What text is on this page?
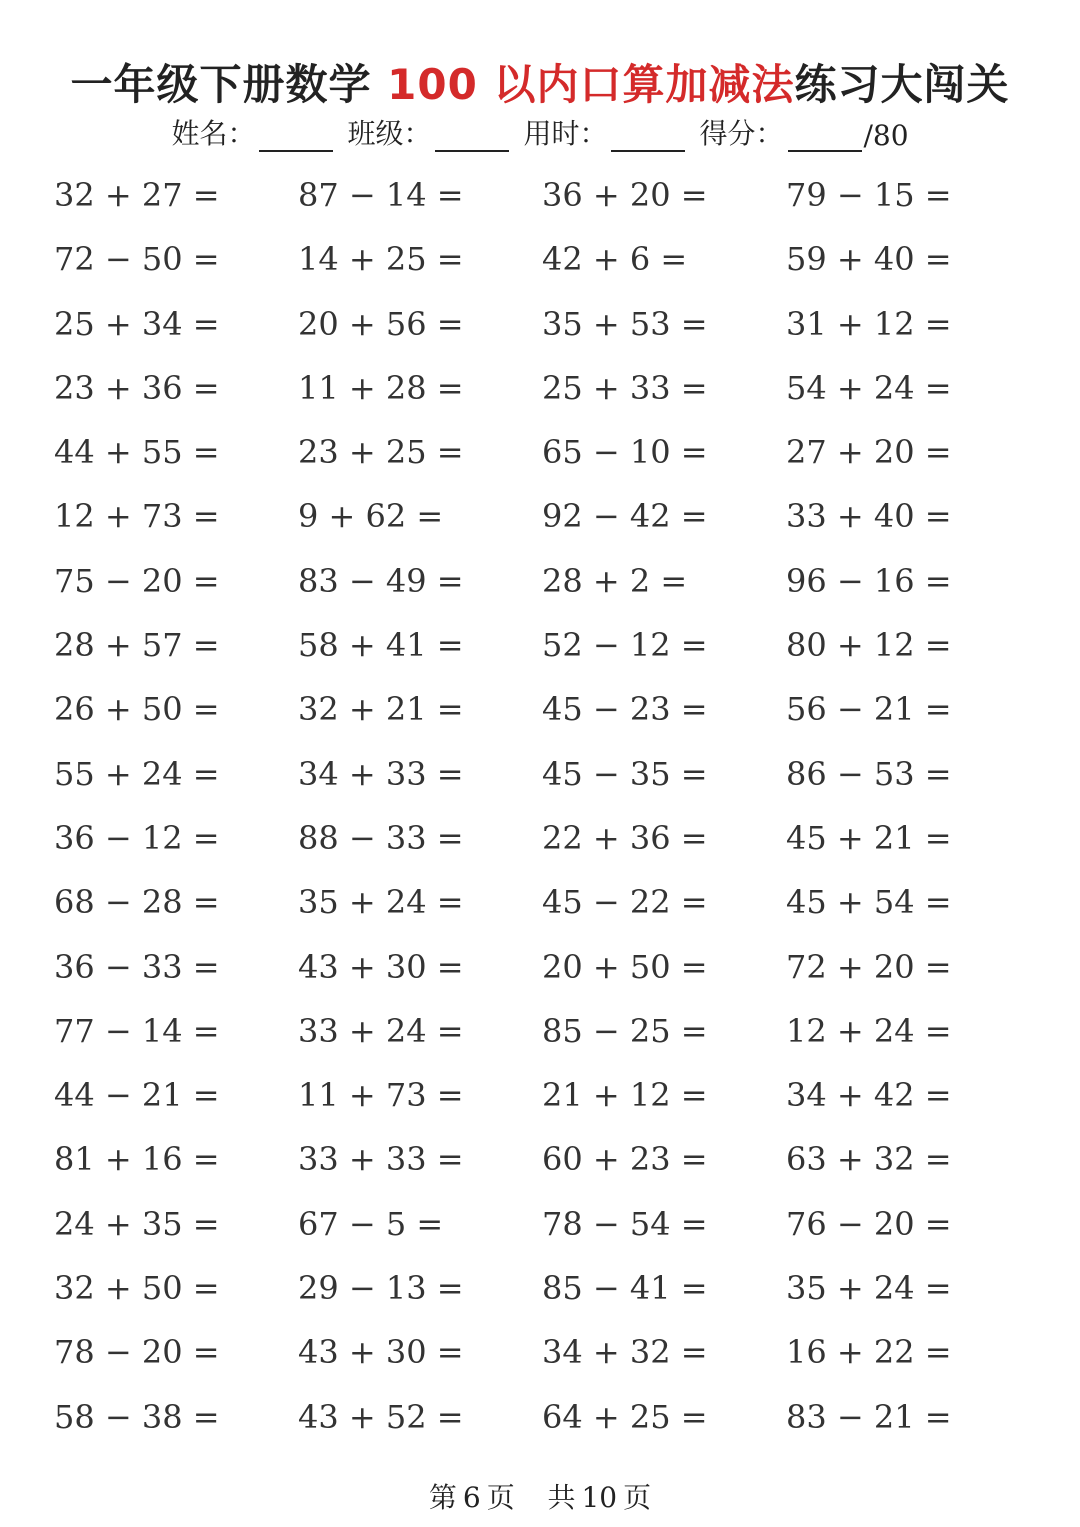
一年级下册数学 100 以内口算加减法练习大闯关
姓名：	班级：	用时：	得分：	/80
32 + 27 = 87 − 14 = 36 + 20 = 79 − 15 =
72 − 50 = 14 + 25 = 42 + 6 =	59 + 40 =
25 + 34 = 20 + 56 = 35 + 53 = 31 + 12 =
23 + 36 = 11 + 28 = 25 + 33 = 54 + 24 =
44 + 55 = 23 + 25 = 65 − 10 = 27 + 20 =
12 + 73 = 9 + 62 =	92 − 42 = 33 + 40 =
75 − 20 = 83 − 49 = 28 + 2 =	96 − 16 =
28 + 57 = 58 + 41 = 52 − 12 = 80 + 12 =
26 + 50 = 32 + 21 = 45 − 23 = 56 − 21 =
55 + 24 = 34 + 33 = 45 − 35 = 86 − 53 =
36 − 12 = 88 − 33 = 22 + 36 = 45 + 21 =
68 − 28 = 35 + 24 = 45 − 22 = 45 + 54 =
36 − 33 = 43 + 30 = 20 + 50 = 72 + 20 =
77 − 14 = 33 + 24 = 85 − 25 = 12 + 24 =
44 − 21 = 11 + 73 = 21 + 12 = 34 + 42 =
81 + 16 = 33 + 33 = 60 + 23 = 63 + 32 =
24 + 35 = 67 − 5 =	78 − 54 = 76 − 20 =
32 + 50 = 29 − 13 = 85 − 41 = 35 + 24 =
78 − 20 = 43 + 30 = 34 + 32 = 16 + 22 =
58 − 38 = 43 + 52 = 64 + 25 = 83 − 21 =
第 6 页 共 10 页
